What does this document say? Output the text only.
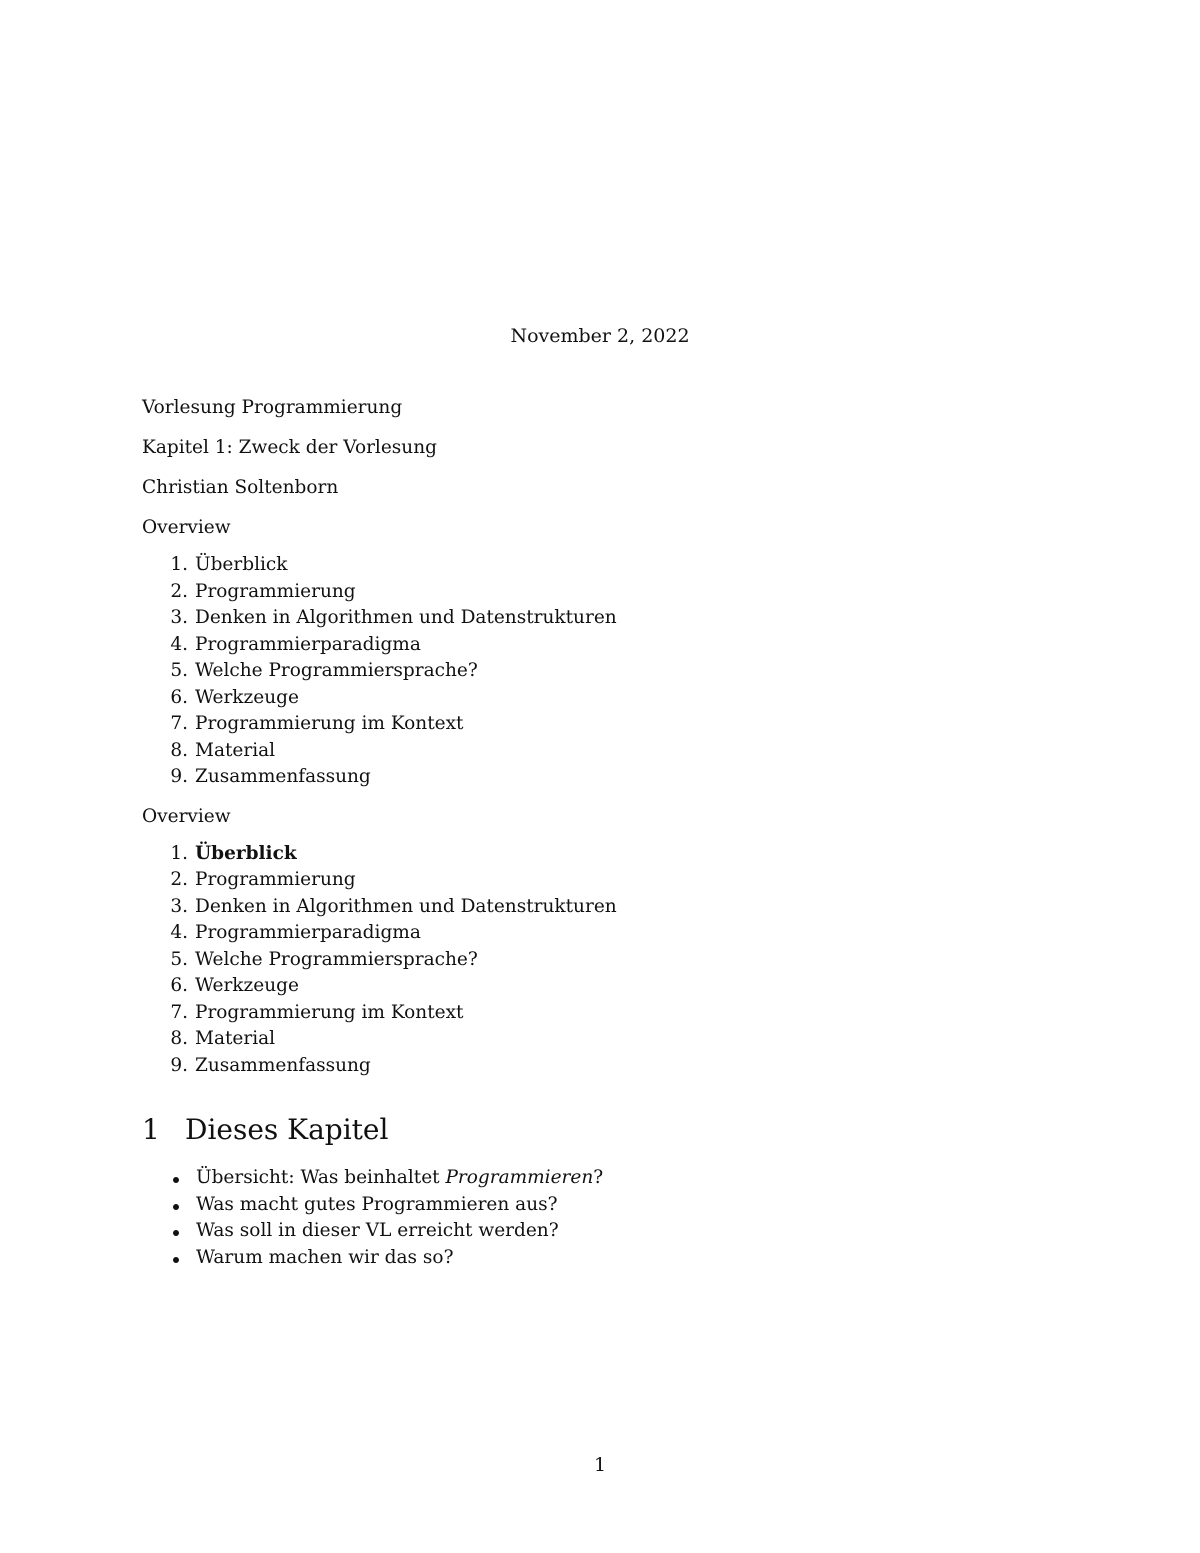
November 2, 2022

Vorlesung Programmierung

Kapitel 1: Zweck der Vorlesung

Christian Soltenborn

Overview

1. Überblick
2. Programmierung
3. Denken in Algorithmen und Datenstrukturen
4. Programmierparadigma
5. Welche Programmiersprache?
6. Werkzeuge
7. Programmierung im Kontext
8. Material
9. Zusammenfassung

Overview

1. Überblick
2. Programmierung
3. Denken in Algorithmen und Datenstrukturen
4. Programmierparadigma
5. Welche Programmiersprache?
6. Werkzeuge
7. Programmierung im Kontext
8. Material
9. Zusammenfassung
1 Dieses Kapitel
Übersicht: Was beinhaltet Programmieren?
Was macht gutes Programmieren aus?
Was soll in dieser VL erreicht werden?
Warum machen wir das so?
1
